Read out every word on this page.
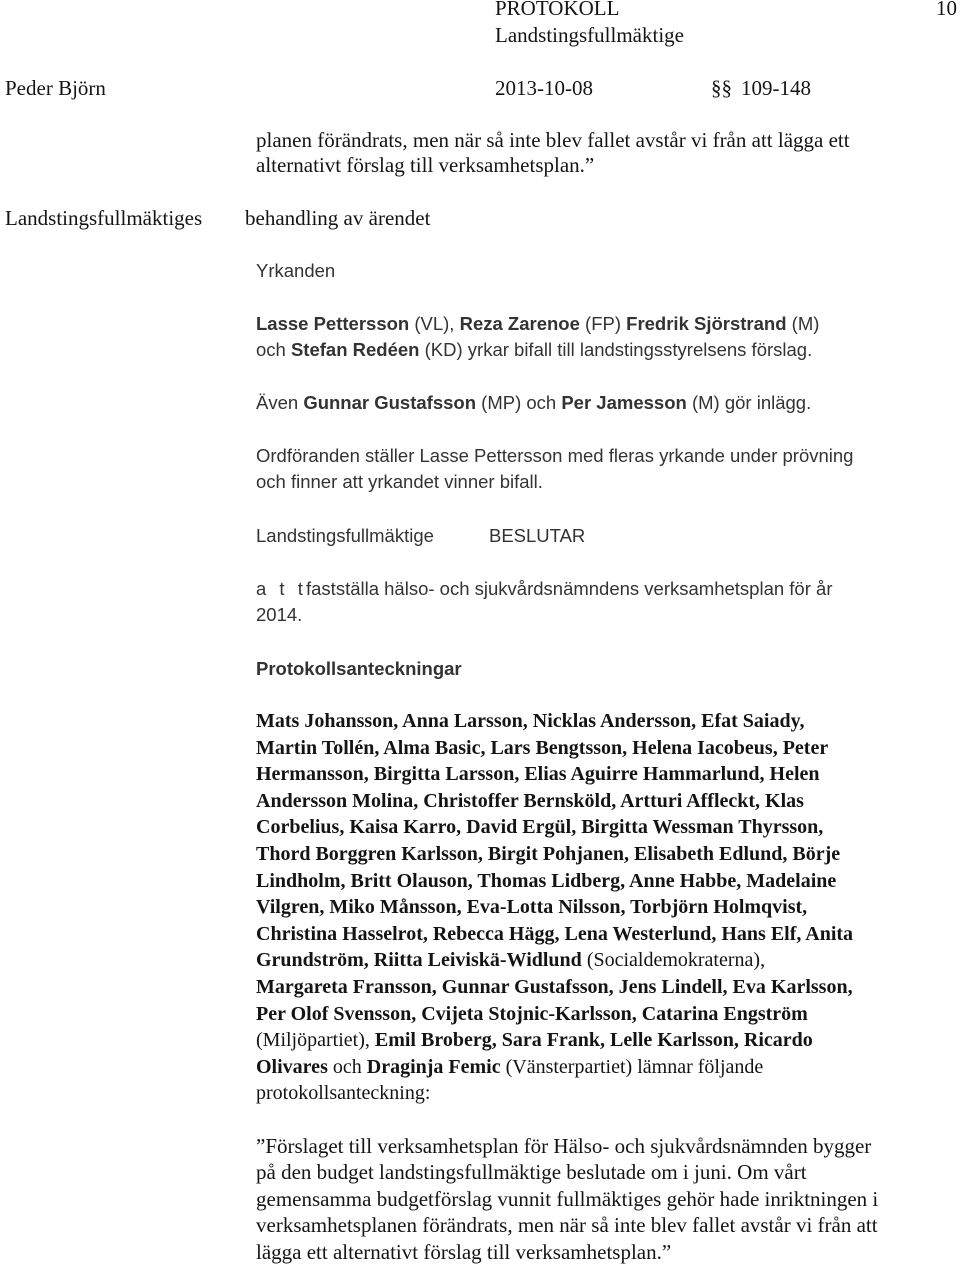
PROTOKOLL
Landstingsfullmäktige
10
Peder Björn	2013-10-08	§§ 109-148
planen förändrats, men när så inte blev fallet avstår vi från att lägga ett
alternativt förslag till verksamhetsplan.”
Landstingsfullmäktiges behandling av ärendet
Yrkanden
Lasse Pettersson (VL), Reza Zarenoe (FP) Fredrik Sjörstrand (M)
och Stefan Redéen (KD) yrkar bifall till landstingsstyrelsens förslag.
Även Gunnar Gustafsson (MP) och Per Jamesson (M) gör inlägg.
Ordföranden ställer Lasse Pettersson med fleras yrkande under prövning
och finner att yrkandet vinner bifall.
Landstingsfullmäktige	BESLUTAR
a t t fastställa hälso- och sjukvårdsnämndens verksamhetsplan för år
2014.
Protokollsanteckningar
Mats Johansson, Anna Larsson, Nicklas Andersson, Efat Saiady,
Martin Tollén, Alma Basic, Lars Bengtsson, Helena Iacobeus, Peter
Hermansson, Birgitta Larsson, Elias Aguirre Hammarlund, Helen
Andersson Molina, Christoffer Bernsköld, Artturi Affleckt, Klas
Corbelius, Kaisa Karro, David Ergül, Birgitta Wessman Thyrsson,
Thord Borggren Karlsson, Birgit Pohjanen, Elisabeth Edlund, Börje
Lindholm, Britt Olauson, Thomas Lidberg, Anne Habbe, Madelaine
Vilgren, Miko Månsson, Eva-Lotta Nilsson, Torbjörn Holmqvist,
Christina Hasselrot, Rebecca Hägg, Lena Westerlund, Hans Elf, Anita
Grundström, Riitta Leiviskä-Widlund (Socialdemokraterna),
Margareta Fransson, Gunnar Gustafsson, Jens Lindell, Eva Karlsson,
Per Olof Svensson, Cvijeta Stojnic-Karlsson, Catarina Engström
(Miljöpartiet), Emil Broberg, Sara Frank, Lelle Karlsson, Ricardo
Olivares och Draginja Femic (Vänsterpartiet) lämnar följande
protokollsanteckning:
”Förslaget till verksamhetsplan för Hälso- och sjukvårdsnämnden bygger
på den budget landstingsfullmäktige beslutade om i juni. Om vårt
gemensamma budgetförslag vunnit fullmäktiges gehör hade inriktningen i
verksamhetsplanen förändrats, men när så inte blev fallet avstår vi från att
lägga ett alternativt förslag till verksamhetsplan.”
